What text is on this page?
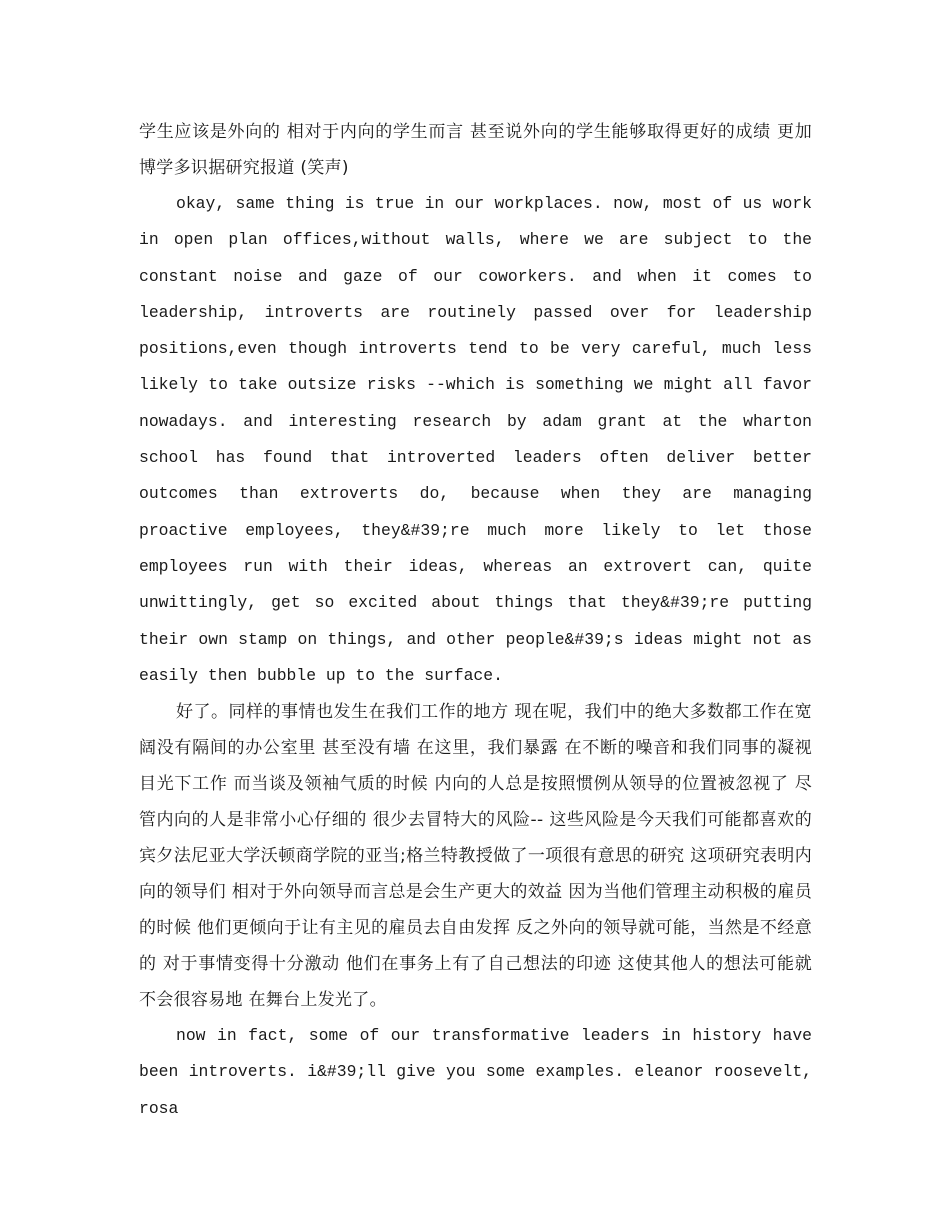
学生应该是外向的 相对于内向的学生而言 甚至说外向的学生能够取得更好的成绩 更加博学多识据研究报道 (笑声)

okay, same thing is true in our workplaces. now, most of us work in open plan offices,without walls, where we are subject to the constant noise and gaze of our coworkers. and when it comes to leadership, introverts are routinely passed over for leadership positions,even though introverts tend to be very careful, much less likely to take outsize risks --which is something we might all favor nowadays. and interesting research by adam grant at the wharton school has found that introverted leaders often deliver better outcomes than extroverts do, because when they are managing proactive employees, they&#39;re much more likely to let those employees run with their ideas, whereas an extrovert can, quite unwittingly, get so excited about things that they&#39;re putting their own stamp on things, and other people&#39;s ideas might not as easily then bubble up to the surface.

好了。同样的事情也发生在我们工作的地方 现在呢，我们中的绝大多数都工作在宽阔没有隔间的办公室里 甚至没有墙 在这里，我们暴露 在不断的噪音和我们同事的凝视目光下工作 而当谈及领袖气质的时候 内向的人总是按照惯例从领导的位置被忽视了 尽管内向的人是非常小心仔细的 很少去冒特大的风险-- 这些风险是今天我们可能都喜欢的 宾夕法尼亚大学沃顿商学院的亚当;格兰特教授做了一项很有意思的研究 这项研究表明内向的领导们 相对于外向领导而言总是会生产更大的效益 因为当他们管理主动积极的雇员的时候 他们更倾向于让有主见的雇员去自由发挥 反之外向的领导就可能，当然是不经意的 对于事情变得十分激动 他们在事务上有了自己想法的印迹 这使其他人的想法可能就不会很容易地 在舞台上发光了。

now in fact, some of our transformative leaders in history have been introverts. i&#39;ll give you some examples. eleanor roosevelt, rosa
